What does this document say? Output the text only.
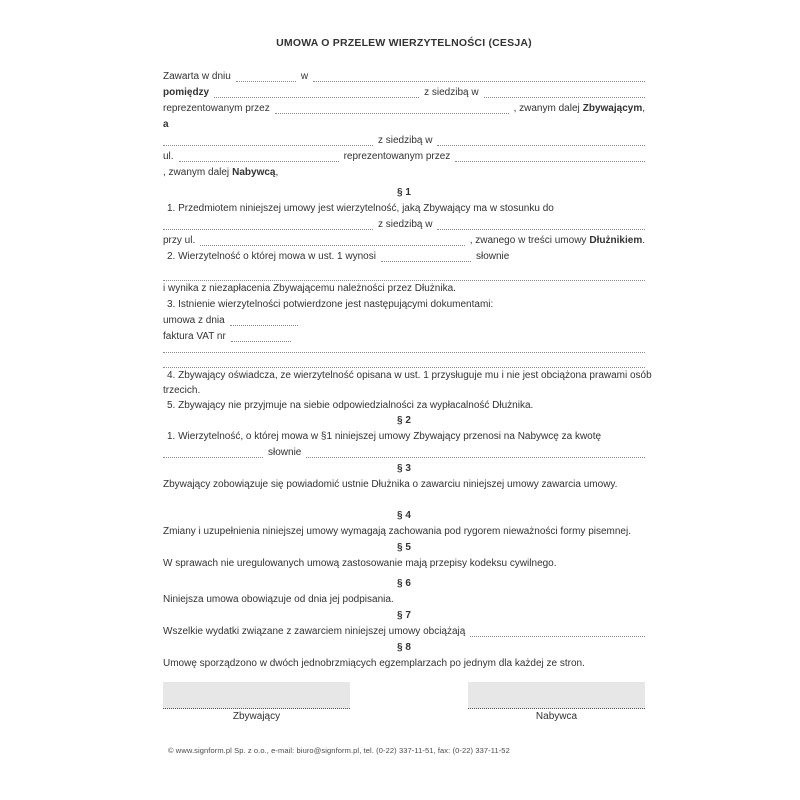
UMOWA O PRZELEW WIERZYTELNOŚCI (CESJA)
Zawarta w dniu	w
pomiędzy	z siedzibą w
reprezentowanym przez	, zwanym dalej Zbywającym ,
a
z siedzibą w
ul.	reprezentowanym przez
, zwanym dalej Nabywcą ,
§ 1
1. Przedmiotem niniejszej umowy jest wierzytelność, jaką Zbywający ma w stosunku do
z siedzibą w
przy ul.	, zwanego w treści umowy Dłużnikiem .
2. Wierzytelność o której mowa w ust. 1 wynosi	słownie
i wynika z niezapłacenia Zbywającemu należności przez Dłużnika.
3. Istnienie wierzytelności potwierdzone jest następującymi dokumentami:
umowa z dnia
faktura VAT nr
4. Zbywający oświadcza, ze wierzytelność opisana w ust. 1 przysługuje mu i nie jest obciążona prawami osób
trzecich.
5. Zbywający nie przyjmuje na siebie odpowiedzialności za wypłacalność Dłużnika.
§ 2
1. Wierzytelność, o której mowa w §1 niniejszej umowy Zbywający przenosi na Nabywcę za kwotę
słownie
§ 3
Zbywający zobowiązuje się powiadomić ustnie Dłużnika o zawarciu niniejszej umowy zawarcia umowy.
§ 4
Zmiany i uzupełnienia niniejszej umowy wymagają zachowania pod rygorem nieważności formy pisemnej.
§ 5
W sprawach nie uregulowanych umową zastosowanie mają przepisy kodeksu cywilnego.
§ 6
Niniejsza umowa obowiązuje od dnia jej podpisania.
§ 7
Wszelkie wydatki związane z zawarciem niniejszej umowy obciążają
§ 8
Umowę sporządzono w dwóch jednobrzmiących egzemplarzach po jednym dla każdej ze stron.
Zbywający	Nabywca
© www.signform.pl Sp. z o.o., e-mail: biuro@signform.pl, tel. (0-22) 337-11-51, fax: (0-22) 337-11-52
